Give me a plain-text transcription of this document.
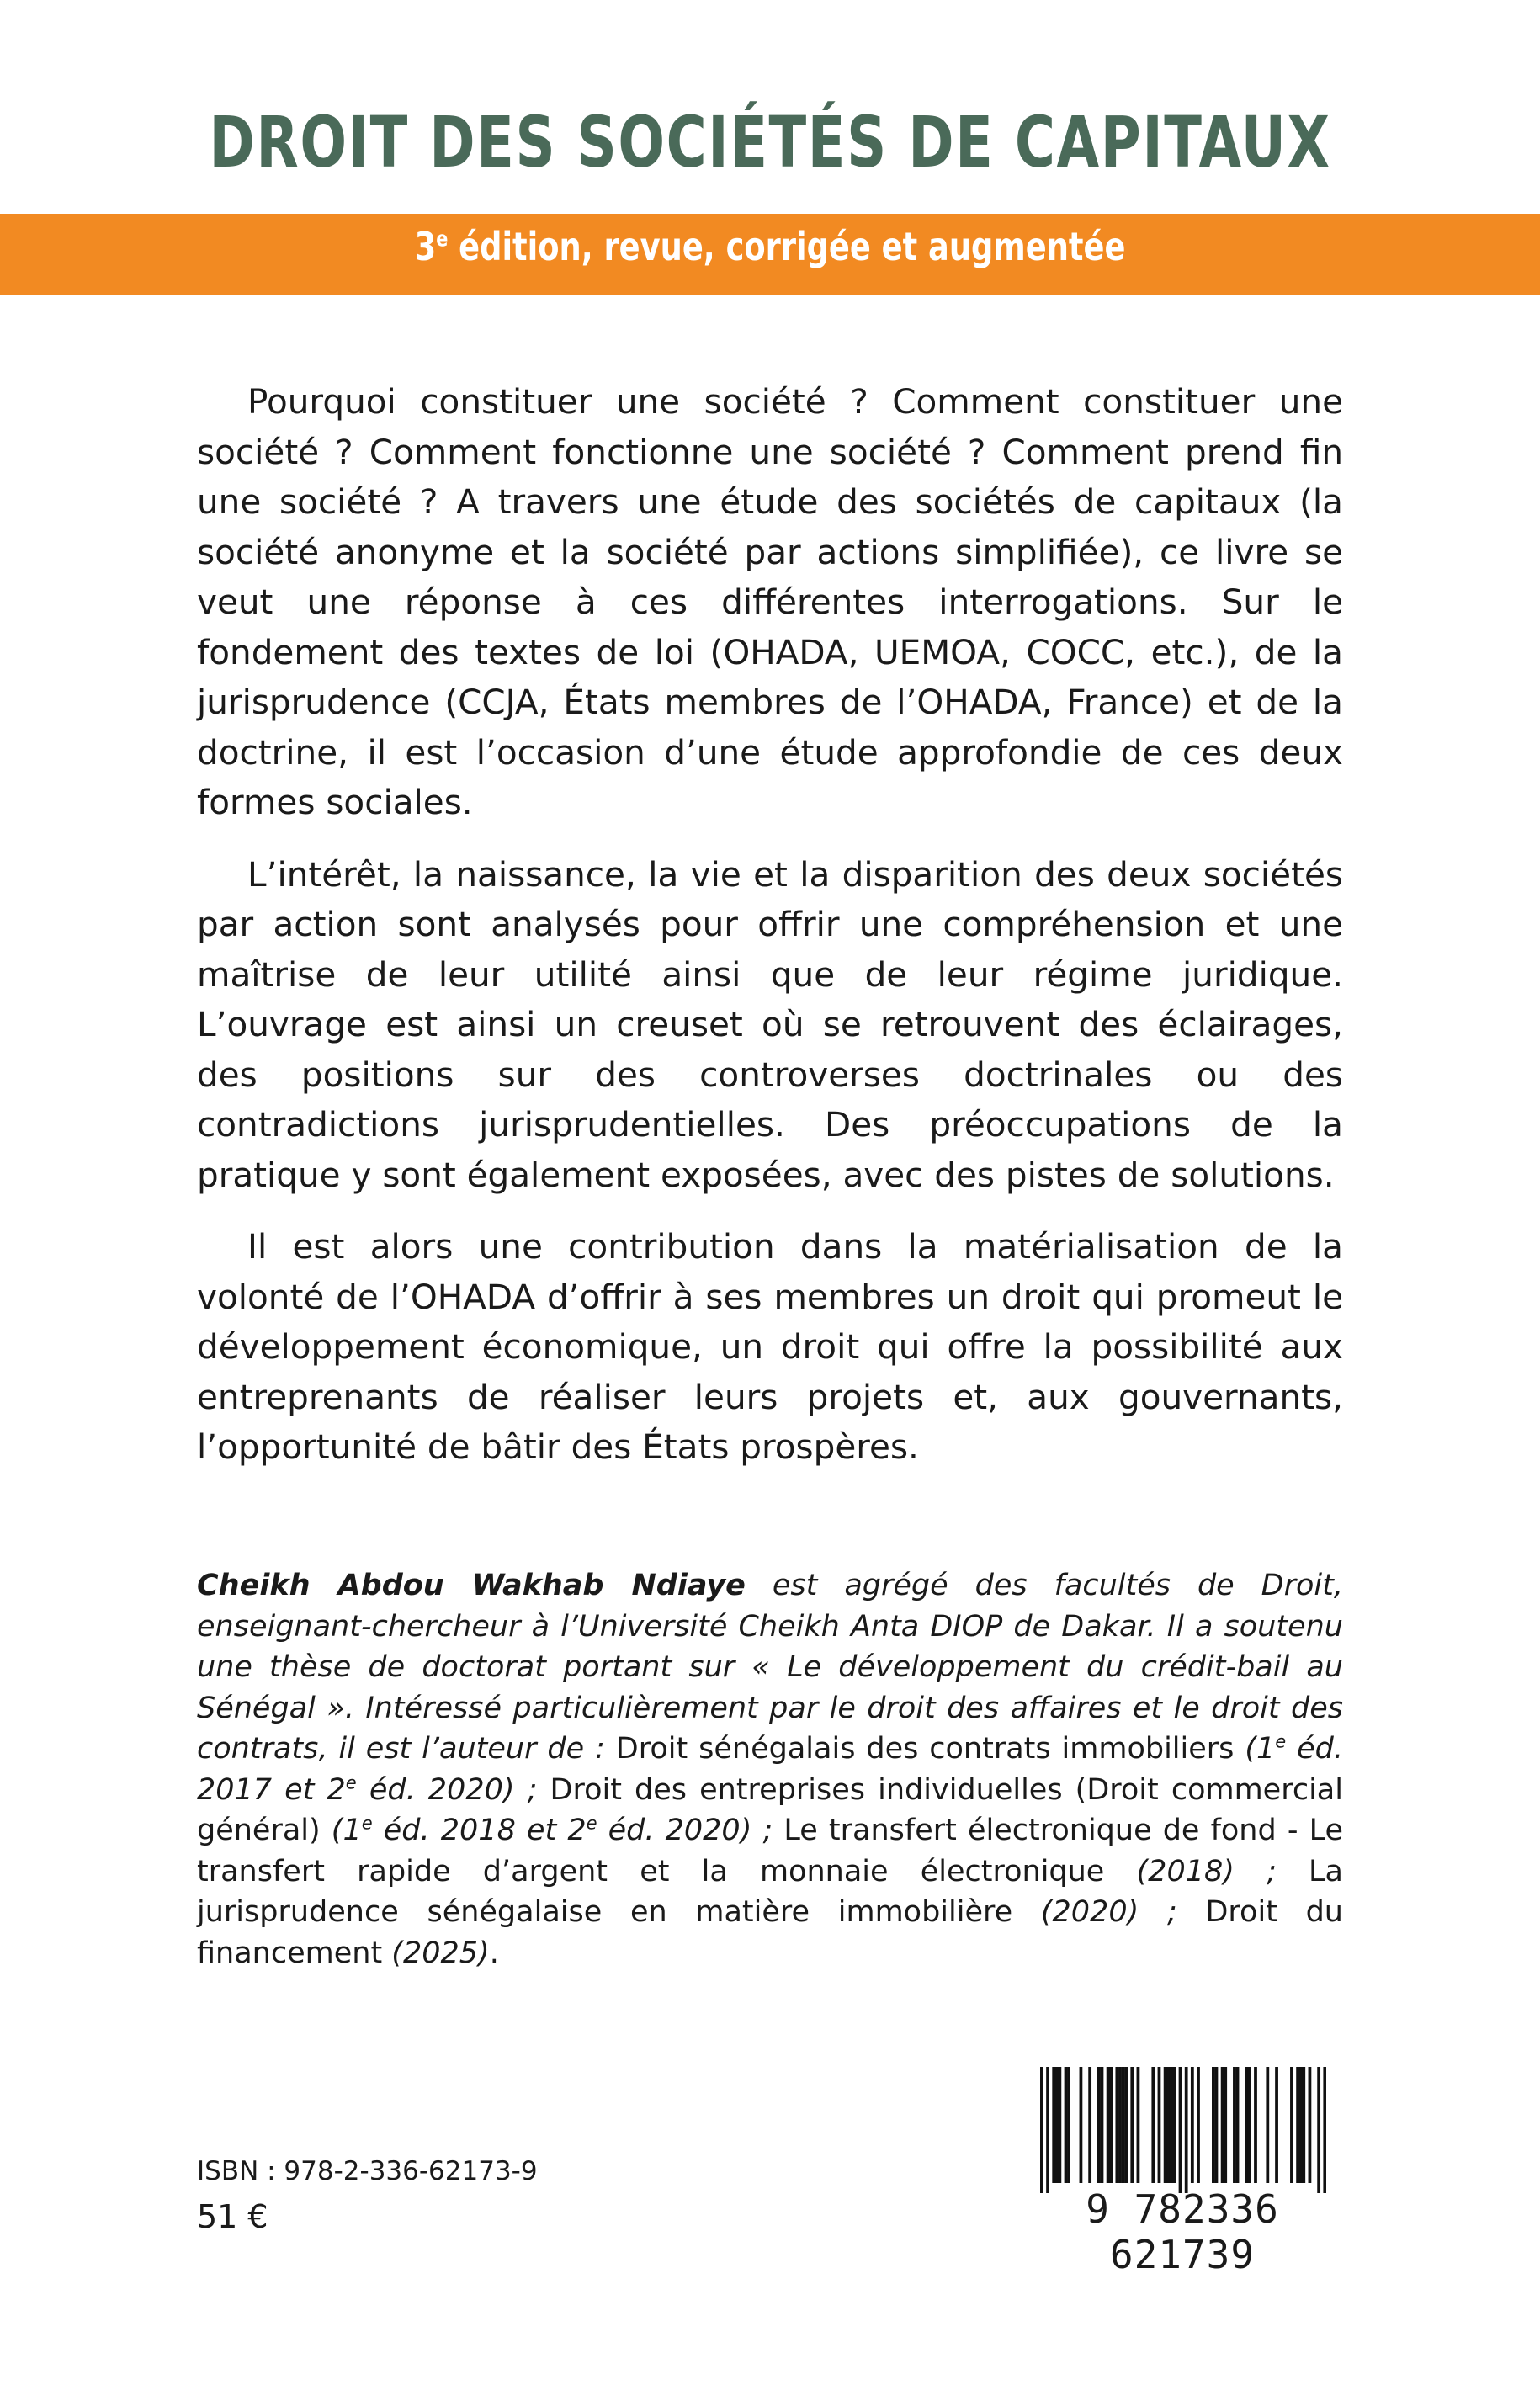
DROIT DES SOCIÉTÉS DE CAPITAUX
3e édition, revue, corrigée et augmentée

Pourquoi constituer une société ? Comment constituer une société ? Comment fonctionne une société ? Comment prend fin une société ? A travers une étude des sociétés de capitaux (la société anonyme et la société par actions simplifiée), ce livre se veut une réponse à ces différentes interrogations. Sur le fondement des textes de loi (OHADA, UEMOA, COCC, etc.), de la jurisprudence (CCJA, États membres de l’OHADA, France) et de la doctrine, il est l’occasion d’une étude approfondie de ces deux formes sociales.

L’intérêt, la naissance, la vie et la disparition des deux sociétés par action sont analysés pour offrir une compréhension et une maîtrise de leur utilité ainsi que de leur régime juridique. L’ouvrage est ainsi un creuset où se retrouvent des éclairages, des positions sur des controverses doctrinales ou des contradictions jurisprudentielles. Des préoccupations de la pratique y sont également exposées, avec des pistes de solutions.

Il est alors une contribution dans la matérialisation de la volonté de l’OHADA d’offrir à ses membres un droit qui promeut le développement économique, un droit qui offre la possibilité aux entreprenants de réaliser leurs projets et, aux gouvernants, l’opportunité de bâtir des États prospères.

Cheikh Abdou Wakhab Ndiaye est agrégé des facultés de Droit, enseignant-chercheur à l’Université Cheikh Anta DIOP de Dakar. Il a soutenu une thèse de doctorat portant sur « Le développement du crédit-bail au Sénégal ». Intéressé particulièrement par le droit des affaires et le droit des contrats, il est l’auteur de : Droit sénégalais des contrats immobiliers (1e éd. 2017 et 2e éd. 2020) ; Droit des entreprises individuelles (Droit commercial général) (1e éd. 2018 et 2e éd. 2020) ; Le transfert électronique de fond - Le transfert rapide d’argent et la monnaie électronique (2018) ; La jurisprudence sénégalaise en matière immobilière (2020) ; Droit du financement (2025).
ISBN : 978-2-336-62173-9
51 €	9 782336 621739
